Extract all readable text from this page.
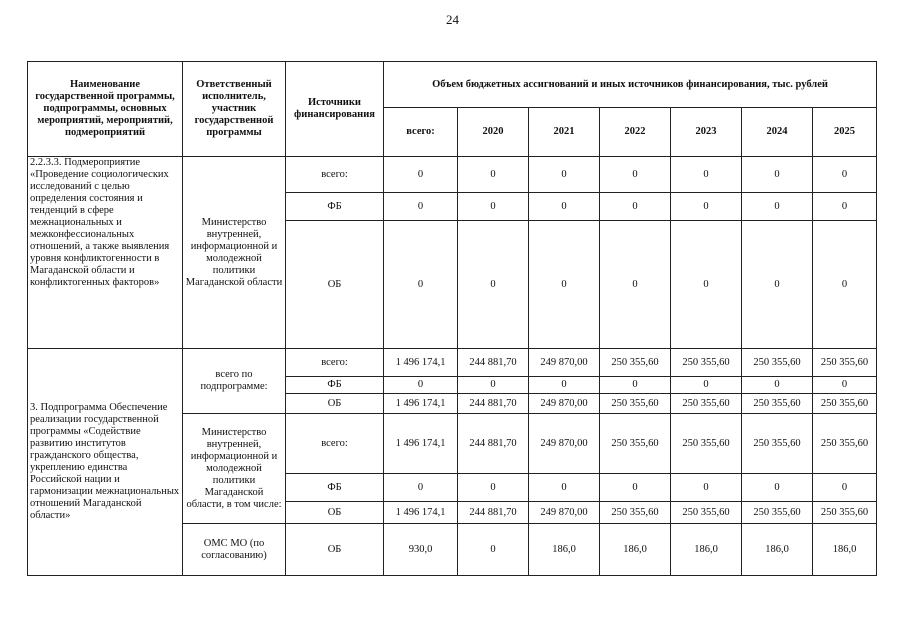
24
Наименование государственной программы, подпрограммы, основных мероприятий, мероприятий, подмероприятий	Ответственный исполнитель, участник государственной программы	Источники финансирования	Объем бюджетных ассигнований и иных источников финансирования, тыс. рублей						
			всего:	2020	2021	2022	2023	2024	2025
2.2.3.3. Подмероприятие «Проведение социологических исследований с целью определения состояния и тенденций в сфере межнациональных и межконфессиональных отношений, а также выявления уровня конфликтогенности в Магаданской области и конфликтогенных факторов»	Министерство внутренней, информационной и молодежной политики Магаданской области	всего:	0	0	0	0	0	0	0
		ФБ	0	0	0	0	0	0	0
		ОБ	0	0	0	0	0	0	0
3. Подпрограмма Обеспечение реализации государственной программы «Содействие развитию институтов гражданского общества, укреплению единства Российской нации и гармонизации межнациональных отношений Магаданской области»	всего по подпрограмме:	всего:	1 496 174,1	244 881,70	249 870,00	250 355,60	250 355,60	250 355,60	250 355,60
		ФБ	0	0	0	0	0	0	0
		ОБ	1 496 174,1	244 881,70	249 870,00	250 355,60	250 355,60	250 355,60	250 355,60
	Министерство внутренней, информационной и молодежной политики Магаданской области, в том числе:	всего:	1 496 174,1	244 881,70	249 870,00	250 355,60	250 355,60	250 355,60	250 355,60
		ФБ	0	0	0	0	0	0	0
		ОБ	1 496 174,1	244 881,70	249 870,00	250 355,60	250 355,60	250 355,60	250 355,60
	ОМС МО (по согласованию)	ОБ	930,0	0	186,0	186,0	186,0	186,0	186,0
